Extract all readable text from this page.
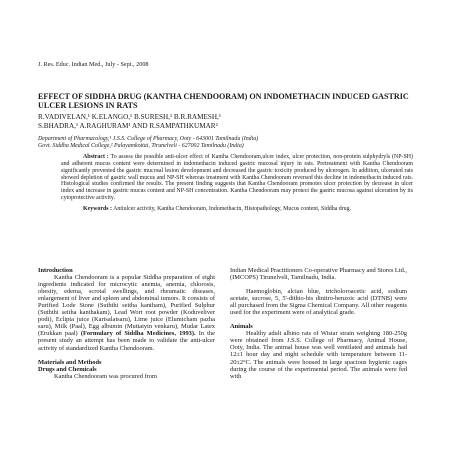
J. Res. Educ. Indian Med., July - Sept., 2008
EFFECT OF SIDDHA DRUG (KANTHA CHENDOORAM) ON INDOMETHACIN INDUCED GASTRIC ULCER LESIONS IN RATS
R.VADIVELAN,¹ K.ELANGO,¹ B.SURESH,¹ B.R.RAMESH,¹
S.BHADRA,¹ A.RAGHURAM¹ AND R.SAMPATHKUMAR²
Department of Pharmacology,¹ J.S.S. College of Pharmacy, Ooty - 643001 Tamilnadu (India)
Govt. Siddha Medical College,² Palayamkottai, Tirunelveli - 627002 Tamilnadu (India)

Abstract : To assess the possible anti-ulcer effect of Kantha Chendooram,ulcer index, ulcer protection, non-protein sulphydryls (NP-SH) and adherent mucus content were determined in indomethacin induced gastric mucosal injury in rats. Pretreatment with Kantha Chendooram significantly prevented the gastric mucosal lesion development and decreased the gastric toxicity produced by ulcerogen. In addition, ulcerated rats showed depletion of gastric wall mucus and NP-SH whereas treatment with Kantha Chendooram reversed this decline in indomethacin induced rats. Histological studies confirmed the results. The present finding suggests that Kantha Chendooram promotes ulcer protection by decrease in ulcer index and increase in gastric mucus content and NP-SH concentration. Kantha Chendooram may protect the gastric mucosa against ulceration by its cytoprotective activity.

Keywords : Antiulcer activity, Kantha Chendooram, Indomethacin, Histopathology, Mucus content, Siddha drug.

Introduction

Kantha Chendooram is a popular Siddha preparation of eight ingredients indicated for microcytic anemia, anemia, chlorosis, obesity, edema, scrotal swellings, and rheumatic diseases, enlargement of liver and spleen and abdominal tumors. It consists of Purified Lode Stone (Suththi seitha kantham), Purified Sulphur (Suththi seitha kanthakam), Lead Wort root powder (Koduveliver podi), Eclipta juice (Karisalaisaru), Lime juice (Elumicham pazha saru), Milk (Paal), Egg albumin (Muttaiyin venkaru), Mudar Latex (Erukkan paal) (Formulary of Siddha Medicines, 1993). In the present study an attempt has been made to validate the anti-ulcer activity of standardized Kantha Chendooram.

Materials and Methods

Drugs and Chemicals

Kantha Chendooram was procured from

Indian Medical Practitioners Co-operative Pharmacy and Stores Ltd., (IMCOPS) Tirunelveli, Tamilnadu, India.

Haemoglobin, alcian blue, tricholoroacetic acid, sodium acetate, sucrose, 5, 5'-dithio-bis dinitro-benzoic acid (DTNB) were all purchased from the Sigma Chemical Company. All other reagents used for the experiment were of analytical grade.

Animals

Healthy adult albino rats of Wistar strain weighing 180-250g were obtained from J.S.S. College of Pharmacy, Animal House, Ooty, India. The animal house was well ventilated and animals had 12±1 hour day and night schedule with temperature between 11-20±2°C. The animals were housed in large spacious hygienic cages during the course of the experimental period. The animals were fed with
